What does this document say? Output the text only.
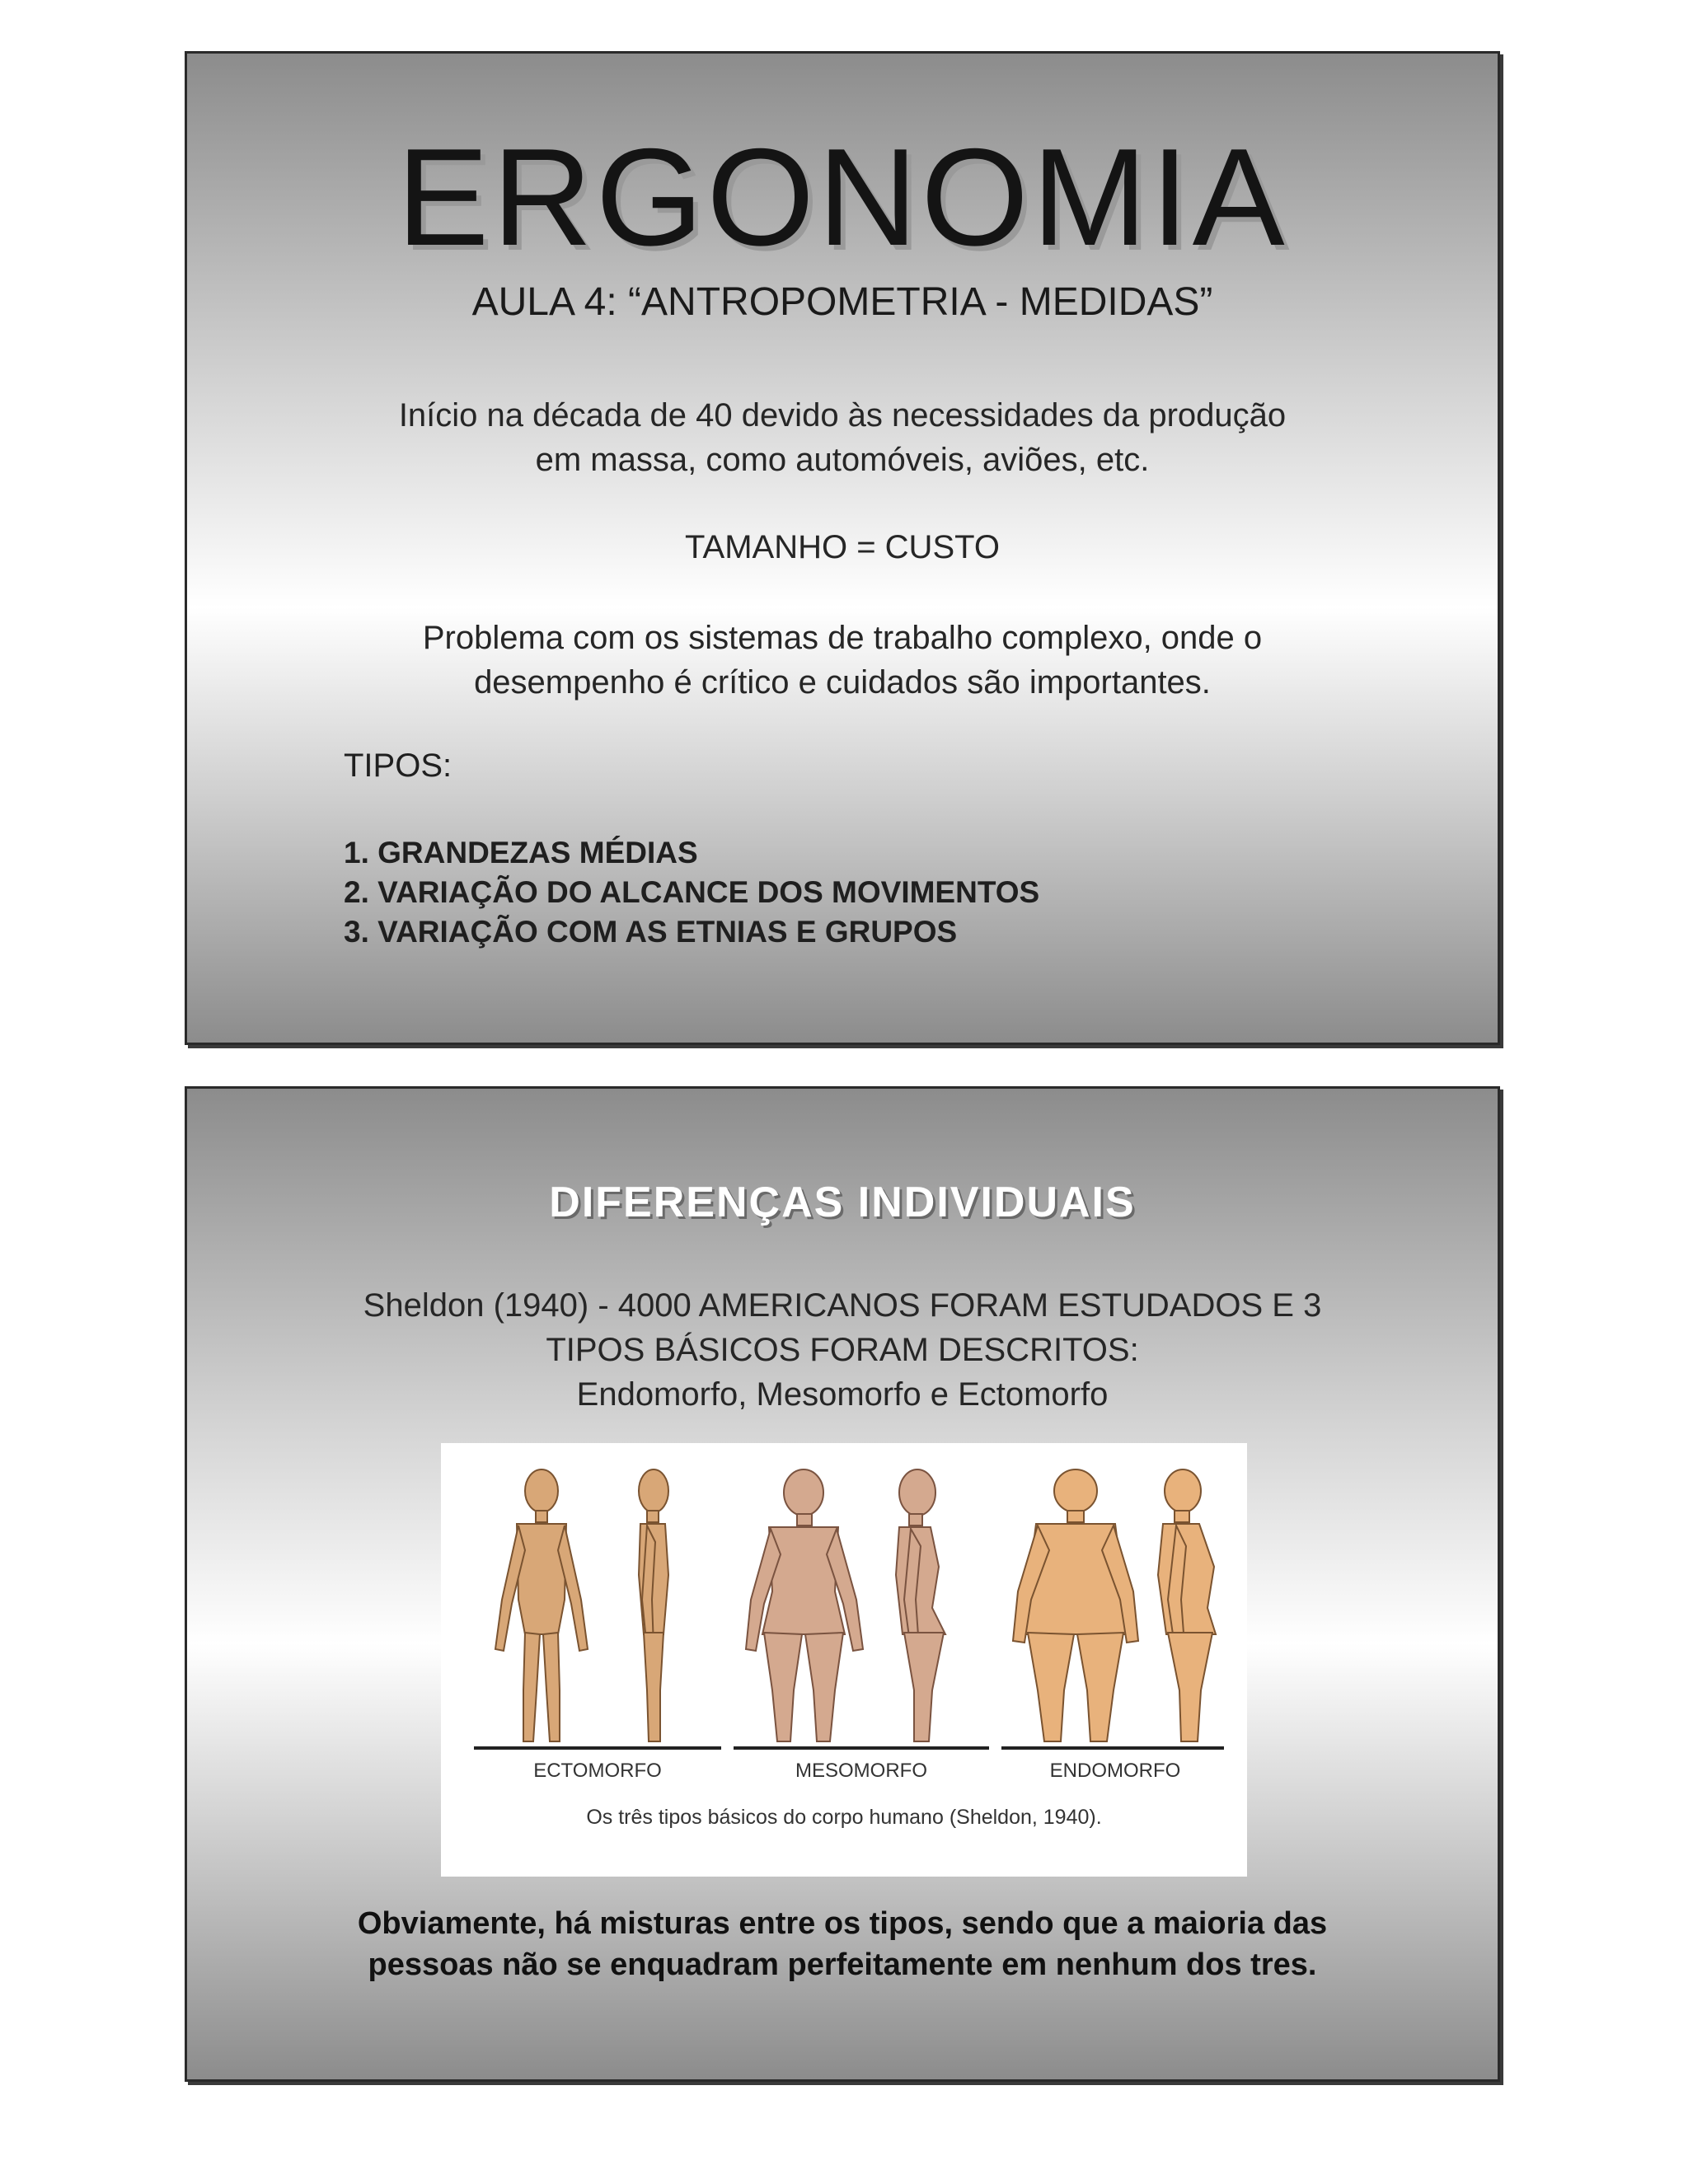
ERGONOMIA
AULA 4: “ANTROPOMETRIA - MEDIDAS”
Início na década de 40 devido às necessidades da produção
em massa, como automóveis, aviões, etc.
TAMANHO = CUSTO
Problema com os sistemas de trabalho complexo, onde o
desempenho é crítico e cuidados são importantes.
TIPOS:
1. GRANDEZAS MÉDIAS
2. VARIAÇÃO DO ALCANCE DOS MOVIMENTOS
3. VARIAÇÃO COM AS ETNIAS E GRUPOS
DIFERENÇAS INDIVIDUAIS
Sheldon (1940) - 4000 AMERICANOS FORAM ESTUDADOS E 3
TIPOS BÁSICOS FORAM DESCRITOS:
Endomorfo, Mesomorfo e Ectomorfo
ECTOMORFO	MESOMORFO	ENDOMORFO
Os três tipos básicos do corpo humano (Sheldon, 1940).
Obviamente, há misturas entre os tipos, sendo que a maioria das
pessoas não se enquadram perfeitamente em nenhum dos tres.
